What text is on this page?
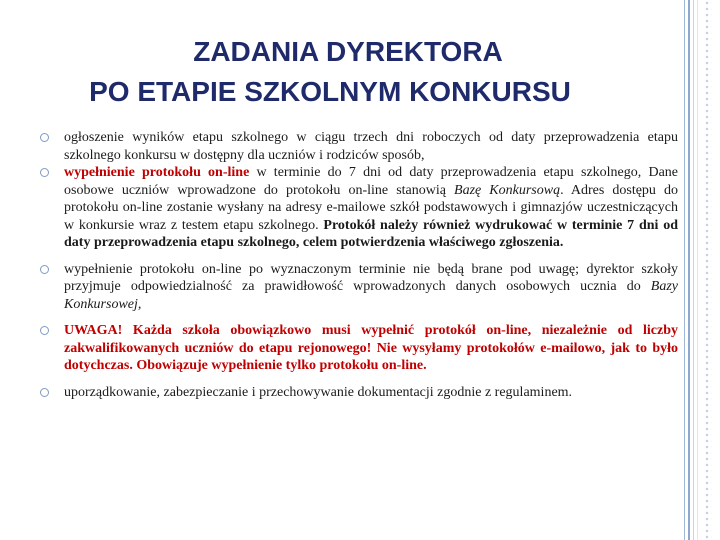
ZADANIA DYREKTORA
PO ETAPIE SZKOLNYM KONKURSU
ogłoszenie wyników etapu szkolnego w ciągu trzech dni roboczych od daty przeprowadzenia etapu szkolnego konkursu w dostępny dla uczniów i rodziców sposób,
wypełnienie protokołu on-line w terminie do 7 dni od daty przeprowadzenia etapu szkolnego, Dane osobowe uczniów wprowadzone do protokołu on-line stanowią Bazę Konkursową. Adres dostępu do protokołu on-line zostanie wysłany na adresy e-mailowe szkół podstawowych i gimnazjów uczestniczących w konkursie wraz z testem etapu szkolnego. Protokół należy również wydrukować w terminie 7 dni od daty przeprowadzenia etapu szkolnego, celem potwierdzenia właściwego zgłoszenia.
wypełnienie protokołu on-line po wyznaczonym terminie nie będą brane pod uwagę; dyrektor szkoły przyjmuje odpowiedzialność za prawidłowość wprowadzonych danych osobowych ucznia do Bazy Konkursowej,
UWAGA! Każda szkoła obowiązkowo musi wypełnić protokół on-line, niezależnie od liczby zakwalifikowanych uczniów do etapu rejonowego! Nie wysyłamy protokołów e-mailowo, jak to było dotychczas. Obowiązuje wypełnienie tylko protokołu on-line.
uporządkowanie, zabezpieczanie i przechowywanie dokumentacji zgodnie z regulaminem.
